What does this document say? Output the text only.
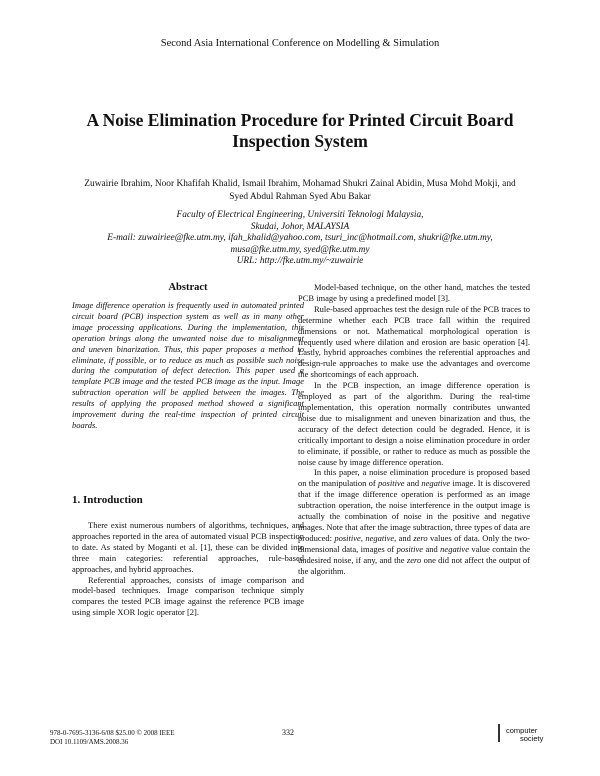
Second Asia International Conference on Modelling & Simulation
A Noise Elimination Procedure for Printed Circuit Board
Inspection System
Zuwairie Ibrahim, Noor Khafifah Khalid, Ismail Ibrahim, Mohamad Shukri Zainal Abidin, Musa Mohd Mokji, and
Syed Abdul Rahman Syed Abu Bakar
Faculty of Electrical Engineering, Universiti Teknologi Malaysia,
Skudai, Johor, MALAYSIA
E-mail: zuwairiee@fke.utm.my, ifah_khalid@yahoo.com, tsuri_inc@hotmail.com, shukri@fke.utm.my,
musa@fke.utm.my, syed@fke.utm.my
URL: http://fke.utm.my/~zuwairie
Abstract

Image difference operation is frequently used in automated printed circuit board (PCB) inspection system as well as in many other image processing applications. During the implementation, this operation brings along the unwanted noise due to misalignment and uneven binarization. Thus, this paper proposes a method to eliminate, if possible, or to reduce as much as possible such noise during the computation of defect detection. This paper used a template PCB image and the tested PCB image as the input. Image subtraction operation will be applied between the images. The results of applying the proposed method showed a significant improvement during the real-time inspection of printed circuit boards.

1. Introduction

There exist numerous numbers of algorithms, techniques, and approaches reported in the area of automated visual PCB inspection to date. As stated by Moganti et al. [1], these can be divided into three main categories: referential approaches, rule-based approaches, and hybrid approaches.

Referential approaches, consists of image comparison and model-based techniques. Image comparison technique simply compares the tested PCB image against the reference PCB image using simple XOR logic operator [2].

Model-based technique, on the other hand, matches the tested PCB image by using a predefined model [3].

Rule-based approaches test the design rule of the PCB traces to determine whether each PCB trace fall within the required dimensions or not. Mathematical morphological operation is frequently used where dilation and erosion are basic operation [4]. Lastly, hybrid approaches combines the referential approaches and design-rule approaches to make use the advantages and overcome the shortcomings of each approach.

In the PCB inspection, an image difference operation is employed as part of the algorithm. During the real-time implementation, this operation normally contributes unwanted noise due to misalignment and uneven binarization and thus, the accuracy of the defect detection could be degraded. Hence, it is critically important to design a noise elimination procedure in order to eliminate, if possible, or rather to reduce as much as possible the noise cause by image difference operation.

In this paper, a noise elimination procedure is proposed based on the manipulation of positive and negative image. It is discovered that if the image difference operation is performed as an image subtraction operation, the noise interference in the output image is actually the combination of noise in the positive and negative images. Note that after the image subtraction, three types of data are produced: positive, negative, and zero values of data. Only the two-dimensional data, images of positive and negative value contain the undesired noise, if any, and the zero one did not affect the output of the algorithm.

978-0-7695-3136-6/08 $25.00 © 2008 IEEE
DOI 10.1109/AMS.2008.36
332	computer
society
